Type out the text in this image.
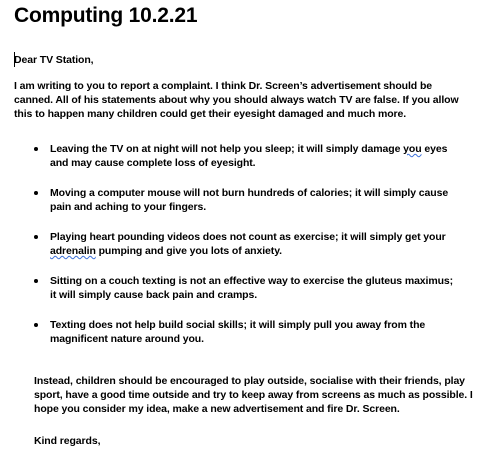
Computing 10.2.21

Dear TV Station,

I am writing to you to report a complaint. I think Dr. Screen’s advertisement should be canned. All of his statements about why you should always watch TV are false. If you allow this to happen many children could get their eyesight damaged and much more.

Leaving the TV on at night will not help you sleep; it will simply damage you eyes and may cause complete loss of eyesight.
Moving a computer mouse will not burn hundreds of calories; it will simply cause pain and aching to your fingers.
Playing heart pounding videos does not count as exercise; it will simply get your adrenalin pumping and give you lots of anxiety.
Sitting on a couch texting is not an effective way to exercise the gluteus maximus; it will simply cause back pain and cramps.
Texting does not help build social skills; it will simply pull you away from the magnificent nature around you.

Instead, children should be encouraged to play outside, socialise with their friends, play sport, have a good time outside and try to keep away from screens as much as possible. I hope you consider my idea, make a new advertisement and fire Dr. Screen.

Kind regards,
